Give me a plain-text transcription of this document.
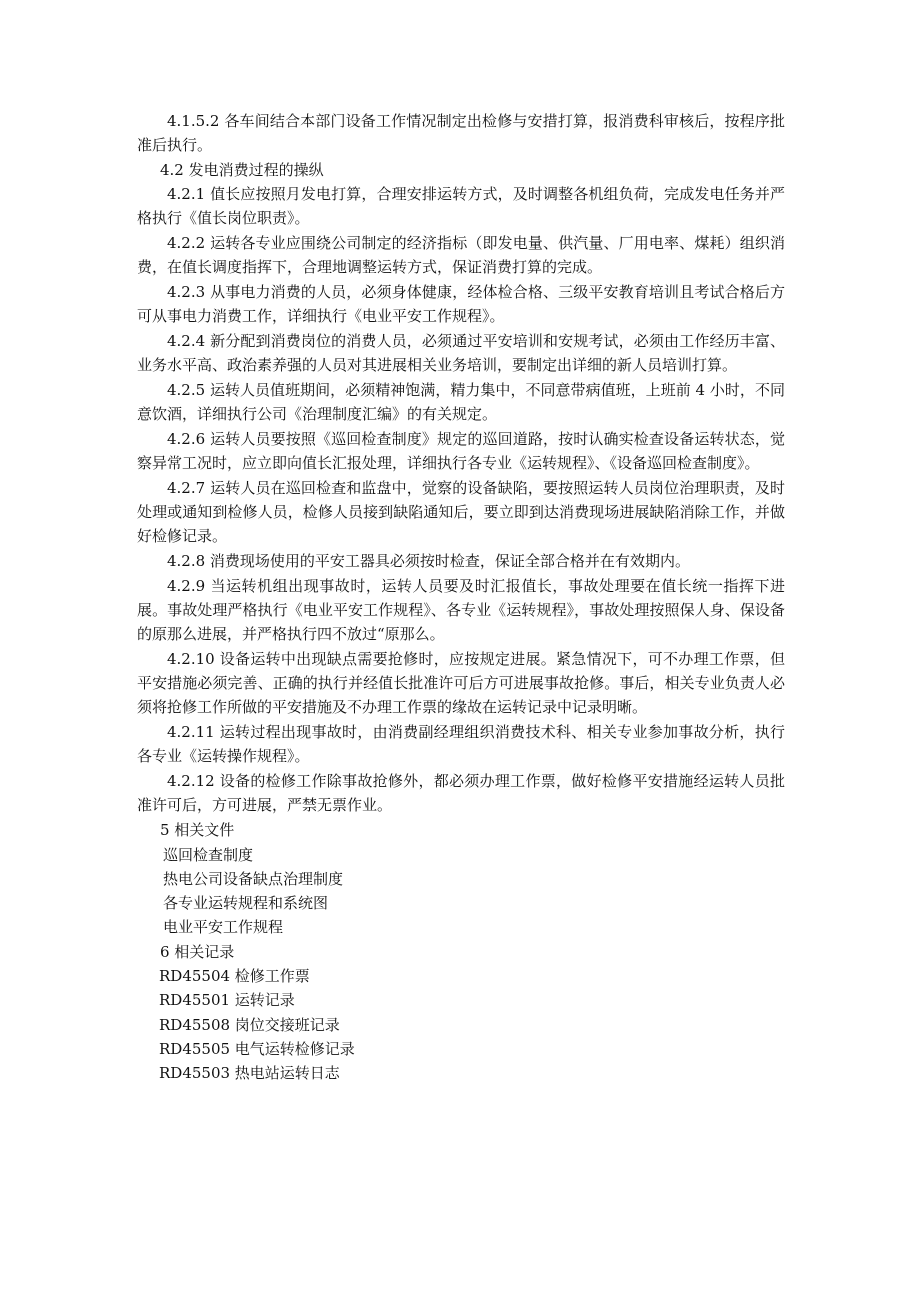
4.1.5.2 各车间结合本部门设备工作情况制定出检修与安措打算，报消费科审核后，按程序批准后执行。

4.2 发电消费过程的操纵

4.2.1 值长应按照月发电打算，合理安排运转方式，及时调整各机组负荷，完成发电任务并严格执行《值长岗位职责》。

4.2.2 运转各专业应围绕公司制定的经济指标（即发电量、供汽量、厂用电率、煤耗）组织消费，在值长调度指挥下，合理地调整运转方式，保证消费打算的完成。

4.2.3 从事电力消费的人员，必须身体健康，经体检合格、三级平安教育培训且考试合格后方可从事电力消费工作，详细执行《电业平安工作规程》。

4.2.4 新分配到消费岗位的消费人员，必须通过平安培训和安规考试，必须由工作经历丰富、业务水平高、政治素养强的人员对其进展相关业务培训，要制定出详细的新人员培训打算。

4.2.5 运转人员值班期间，必须精神饱满，精力集中，不同意带病值班，上班前 4 小时，不同意饮酒，详细执行公司《治理制度汇编》的有关规定。

4.2.6 运转人员要按照《巡回检查制度》规定的巡回道路，按时认确实检查设备运转状态，觉察异常工况时，应立即向值长汇报处理，详细执行各专业《运转规程》、《设备巡回检查制度》。

4.2.7 运转人员在巡回检查和监盘中，觉察的设备缺陷，要按照运转人员岗位治理职责，及时处理或通知到检修人员，检修人员接到缺陷通知后，要立即到达消费现场进展缺陷消除工作，并做好检修记录。

4.2.8 消费现场使用的平安工器具必须按时检查，保证全部合格并在有效期内。

4.2.9 当运转机组出现事故时，运转人员要及时汇报值长，事故处理要在值长统一指挥下进展。事故处理严格执行《电业平安工作规程》、各专业《运转规程》，事故处理按照保人身、保设备的原那么进展，并严格执行四不放过“原那么。

4.2.10 设备运转中出现缺点需要抢修时，应按规定进展。紧急情况下，可不办理工作票，但平安措施必须完善、正确的执行并经值长批准许可后方可进展事故抢修。事后，相关专业负责人必须将抢修工作所做的平安措施及不办理工作票的缘故在运转记录中记录明晰。

4.2.11 运转过程出现事故时，由消费副经理组织消费技术科、相关专业参加事故分析，执行各专业《运转操作规程》。

4.2.12 设备的检修工作除事故抢修外，都必须办理工作票，做好检修平安措施经运转人员批准许可后，方可进展，严禁无票作业。

5 相关文件

巡回检查制度

热电公司设备缺点治理制度

各专业运转规程和系统图

电业平安工作规程

6 相关记录

RD45504 检修工作票

RD45501 运转记录

RD45508 岗位交接班记录

RD45505 电气运转检修记录

RD45503 热电站运转日志
